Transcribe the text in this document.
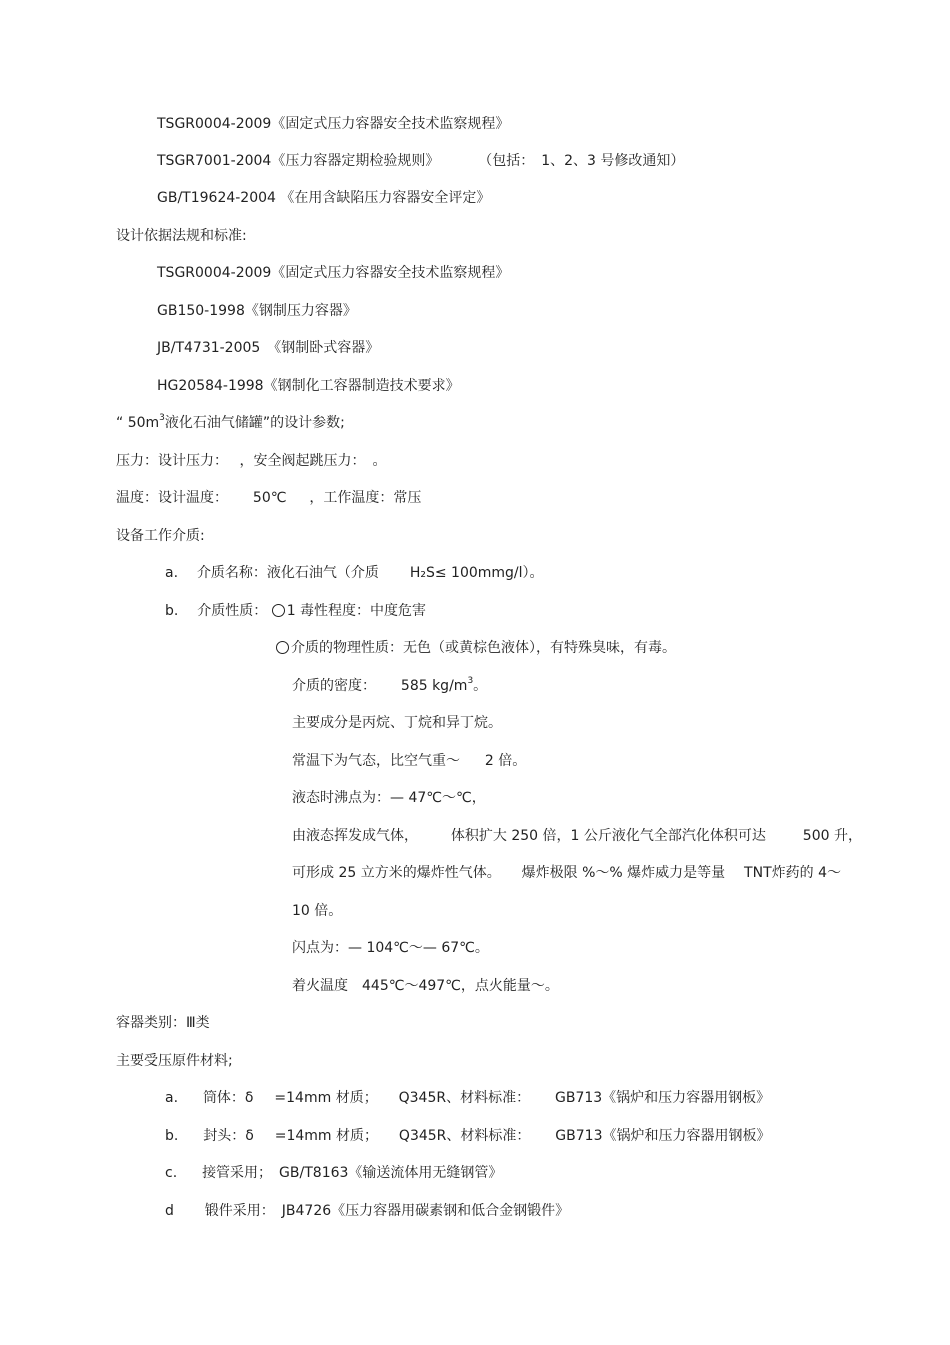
TSGR0004-2009《固定式压力容器安全技术监察规程》
TSGR7001-2004《压力容器定期检验规则》	（包括：　1、2、3 号修改通知）
GB/T19624-2004 《在用含缺陷压力容器安全评定》
设计依据法规和标准:
TSGR0004-2009《固定式压力容器安全技术监察规程》
GB150-1998《钢制压力容器》
JB/T4731-2005　《钢制卧式容器》
HG20584-1998《钢制化工容器制造技术要求》
“ $50m^3$液化石油气储罐”的设计参数;
压力：设计压力：　 ，安全阀起跳压力：　。
温度：设计温度： 50℃ ，工作温度：常压
设备工作介质:
a. 介质名称：液化石油气（介质 H₂S≤ 100mmg/l）。
b. 介质性质： 1 毒性程度：中度危害
介质的物理性质：无色（或黄棕色液体），有特殊臭味，有毒。
介质的密度： 585 $kg/m^3$。
主要成分是丙烷、丁烷和异丁烷。
常温下为气态，比空气重～ 2 倍。
液态时沸点为：— 47℃～℃，
由液态挥发成气体， 体积扩大 250 倍，1 公斤液化气全部汽化体积可达	500 升，
可形成 25 立方米的爆炸性气体。 爆炸极限 %～% 爆炸威力是等量 TNT炸药的 4～
10 倍。
闪点为：— 104℃～— 67℃。
着火温度　445℃～497℃，点火能量～。
容器类别：Ⅲ类
主要受压原件材料;
a. 筒体：δ =14mm 材质； Q345R、材料标准： GB713《锅炉和压力容器用钢板》
b. 封头：δ =14mm 材质； Q345R、材料标准： GB713《锅炉和压力容器用钢板》
c. 接管采用；　GB/T8163《输送流体用无缝钢管》
d 锻件采用：　JB4726《压力容器用碳素钢和低合金钢锻件》
